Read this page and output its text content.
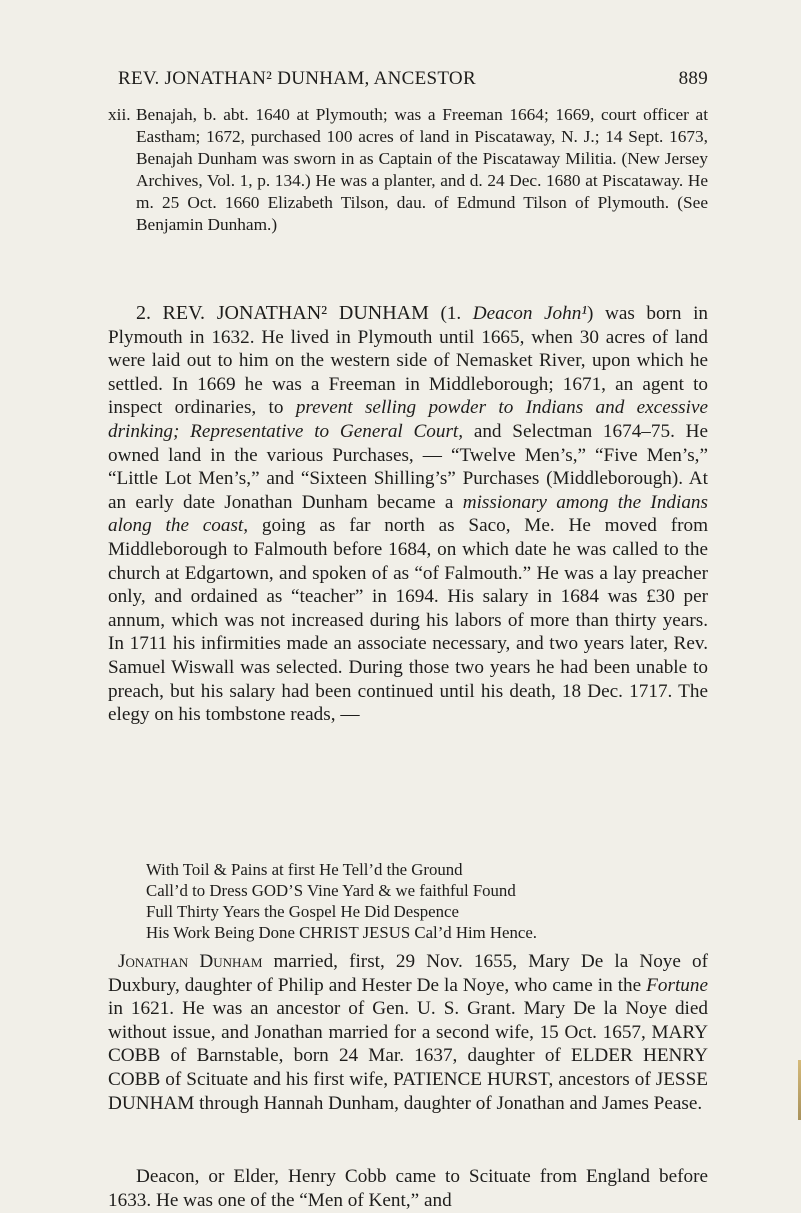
REV. JONATHAN² DUNHAM, ANCESTOR	889
xii. Benajah, b. abt. 1640 at Plymouth; was a Freeman 1664; 1669, court officer at Eastham; 1672, purchased 100 acres of land in Piscataway, N. J.; 14 Sept. 1673, Benajah Dunham was sworn in as Captain of the Piscataway Militia. (New Jersey Archives, Vol. 1, p. 134.) He was a planter, and d. 24 Dec. 1680 at Piscataway. He m. 25 Oct. 1660 Elizabeth Tilson, dau. of Edmund Tilson of Plymouth. (See Benjamin Dunham.)
2. REV. JONATHAN² DUNHAM (1. Deacon John¹) was born in Plymouth in 1632. He lived in Plymouth until 1665, when 30 acres of land were laid out to him on the western side of Nemasket River, upon which he settled. In 1669 he was a Freeman in Middleborough; 1671, an agent to inspect ordinaries, to prevent selling powder to Indians and excessive drinking; Representative to General Court, and Selectman 1674–75. He owned land in the various Purchases, — “Twelve Men’s,” “Five Men’s,” “Little Lot Men’s,” and “Sixteen Shilling’s” Purchases (Middleborough). At an early date Jonathan Dunham became a missionary among the Indians along the coast, going as far north as Saco, Me. He moved from Middleborough to Falmouth before 1684, on which date he was called to the church at Edgartown, and spoken of as “of Falmouth.” He was a lay preacher only, and ordained as “teacher” in 1694. His salary in 1684 was £30 per annum, which was not increased during his labors of more than thirty years. In 1711 his infirmities made an associate necessary, and two years later, Rev. Samuel Wiswall was selected. During those two years he had been unable to preach, but his salary had been continued until his death, 18 Dec. 1717. The elegy on his tombstone reads, —
With Toil & Pains at first He Tell’d the Ground
Call’d to Dress GOD’S Vine Yard & we faithful Found
Full Thirty Years the Gospel He Did Despence
His Work Being Done CHRIST JESUS Cal’d Him Hence.
Jonathan Dunham married, first, 29 Nov. 1655, Mary De la Noye of Duxbury, daughter of Philip and Hester De la Noye, who came in the Fortune in 1621. He was an ancestor of Gen. U. S. Grant. Mary De la Noye died without issue, and Jonathan married for a second wife, 15 Oct. 1657, MARY COBB of Barnstable, born 24 Mar. 1637, daughter of ELDER HENRY COBB of Scituate and his first wife, PATIENCE HURST, ancestors of JESSE DUNHAM through Hannah Dunham, daughter of Jonathan and James Pease.
Deacon, or Elder, Henry Cobb came to Scituate from England before 1633. He was one of the “Men of Kent,” and
